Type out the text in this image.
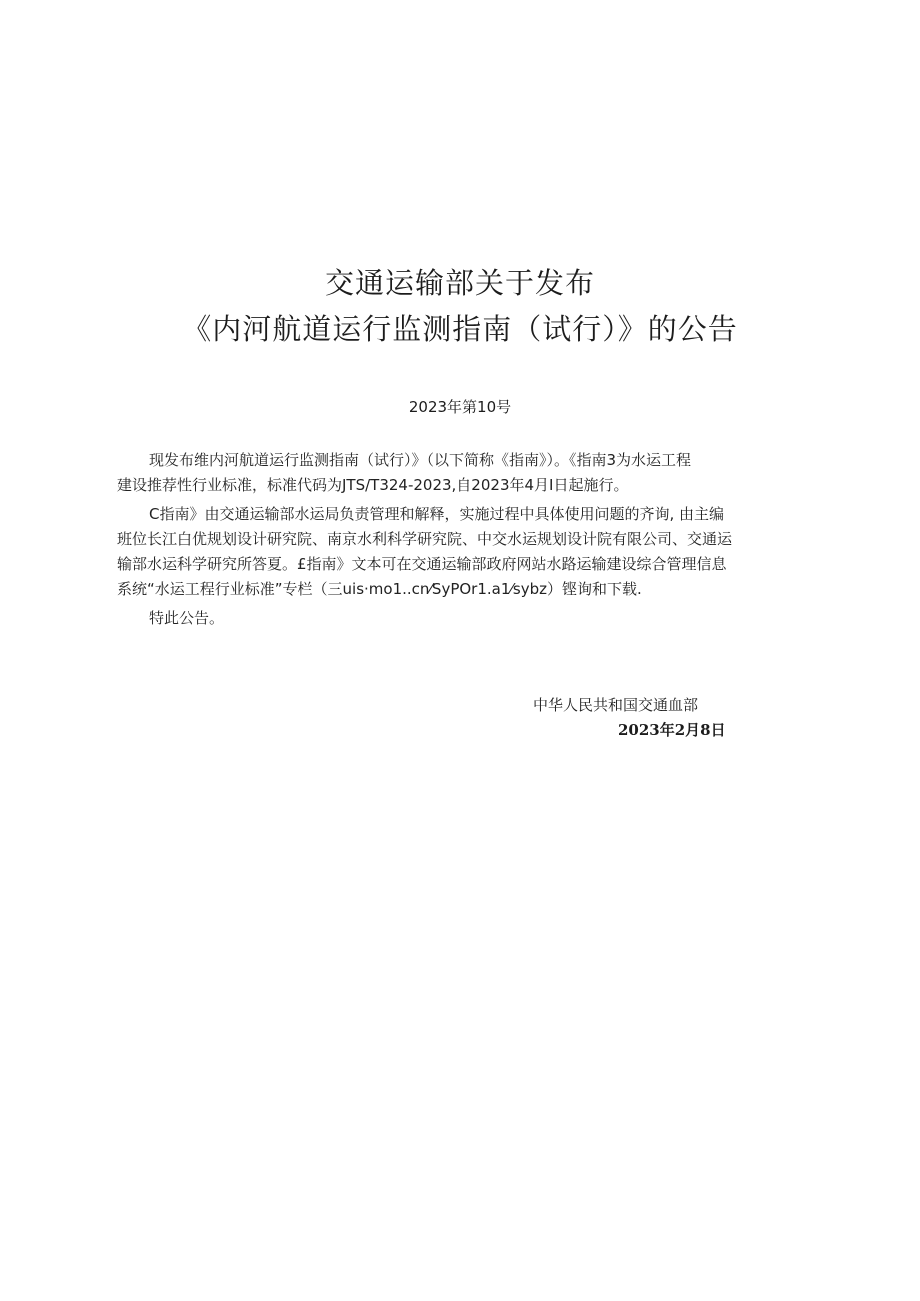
交通运输部关于发布
《内河航道运行监测指南（试行）》的公告
2023年第10号
现发布维内河航道运行监测指南（试行）》（以下简称《指南》）。《指南3为水运工程
建设推荐性行业标准，标准代码为JTS/T324-2023,自2023年4月I日起施行。
C指南》由交通运输部水运局负责管理和解释，实施过程中具体使用问题的齐询, 由主编
班位长江白优规划设计研究院、南京水利科学研究院、中交水运规划设计院有限公司、交通运
输部水运科学研究所答夏。£指南》文本可在交通运输部政府网站水路运输建设综合管理信息
系统“水运工程行业标准”专栏（三uis·mo1..cn⁄SyPOr1.a1⁄sybz）铿询和下载.
特此公告。
中华人民共和国交通血部
2023年2月8日
